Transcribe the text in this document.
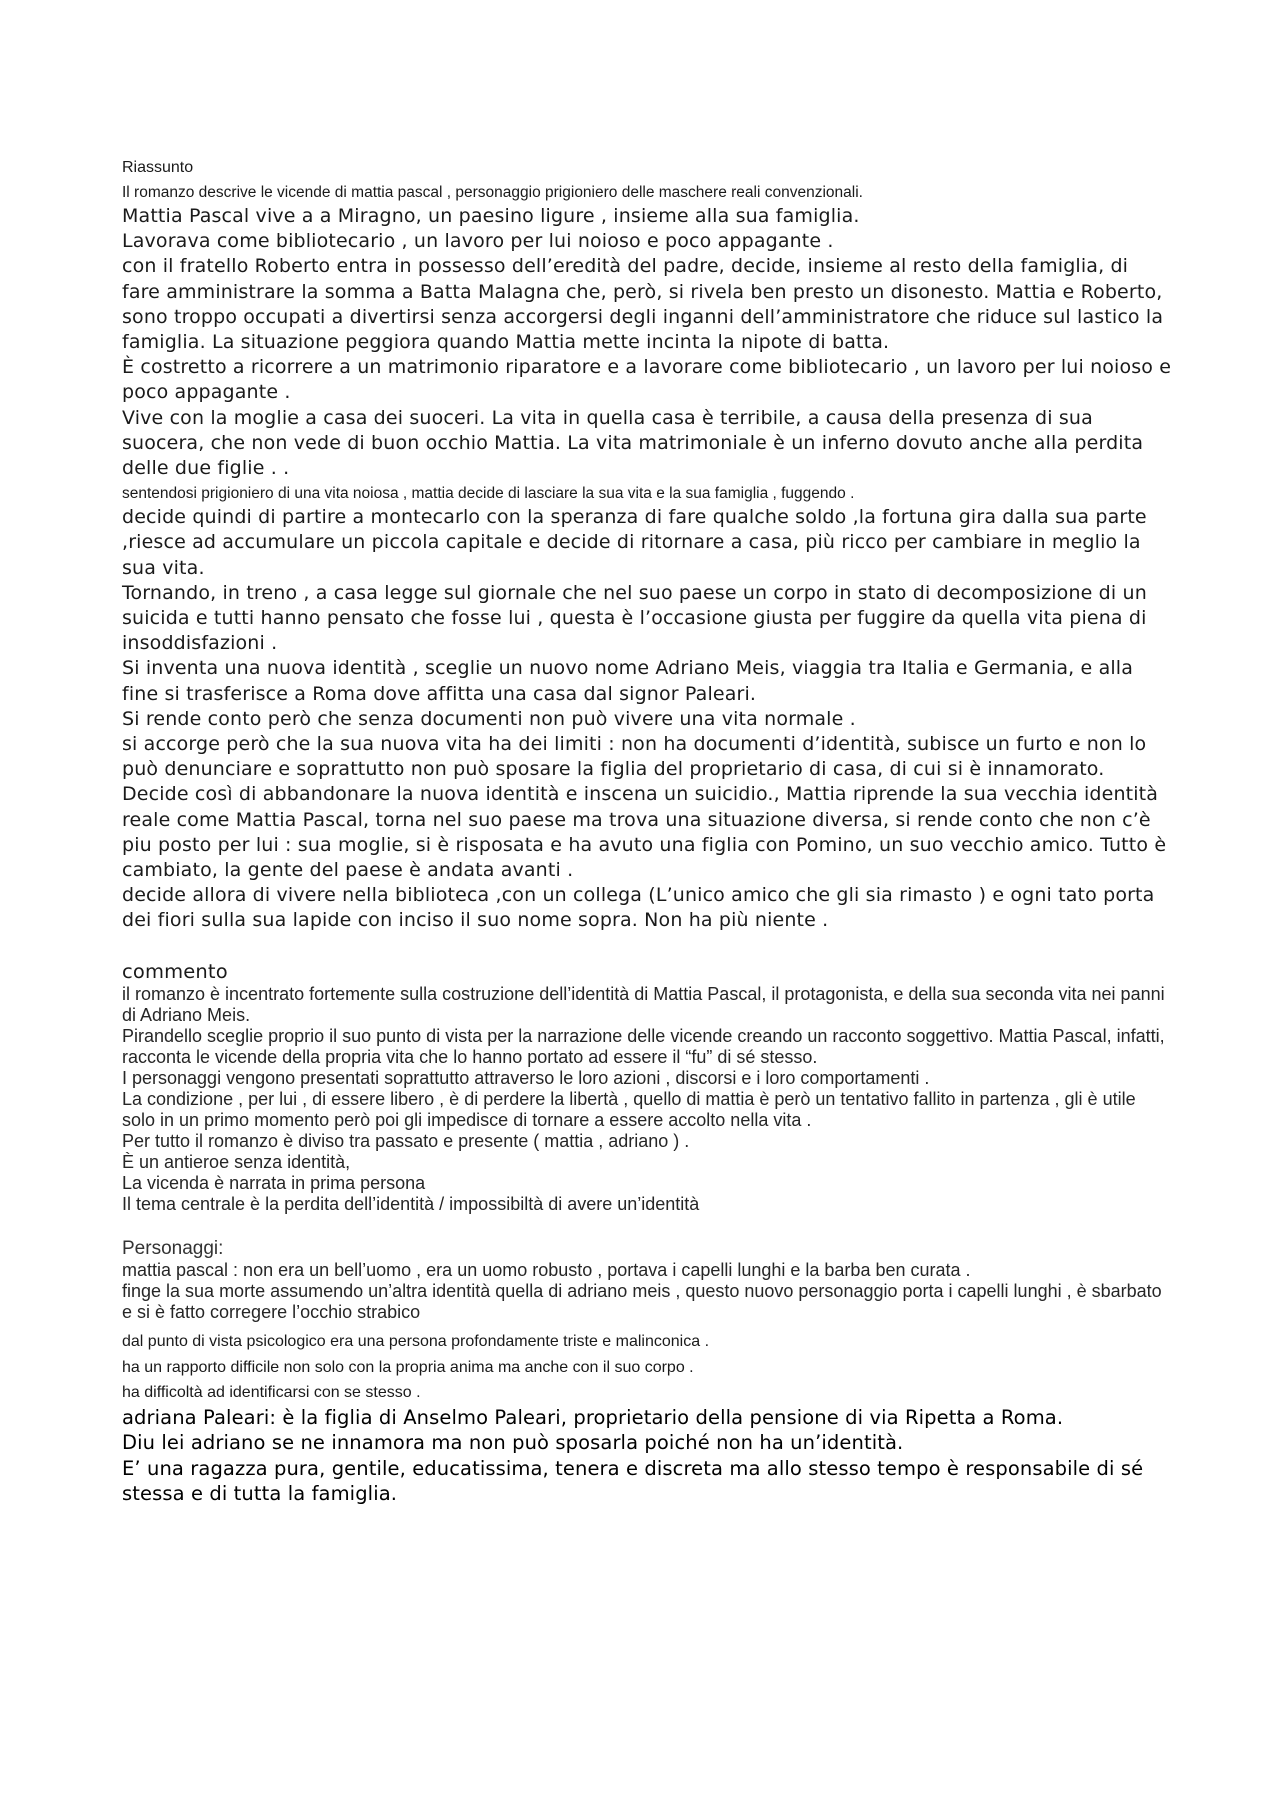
Riassunto

Il romanzo descrive le vicende di mattia pascal , personaggio prigioniero delle maschere reali convenzionali.

Mattia Pascal vive a a Miragno, un paesino ligure , insieme alla sua famiglia.

Lavorava come bibliotecario , un lavoro per lui noioso e poco appagante .

con il fratello Roberto entra in possesso dell’eredità del padre, decide, insieme al resto della famiglia, di fare amministrare la somma a Batta Malagna che, però, si rivela ben presto un disonesto. Mattia e Roberto, sono troppo occupati a divertirsi senza accorgersi degli inganni dell’amministratore che riduce sul lastico la famiglia. La situazione peggiora quando Mattia mette incinta la nipote di batta.

È costretto a ricorrere a un matrimonio riparatore e a lavorare come bibliotecario , un lavoro per lui noioso e poco appagante .

Vive con la moglie a casa dei suoceri. La vita in quella casa è terribile, a causa della presenza di sua suocera, che non vede di buon occhio Mattia. La vita matrimoniale è un inferno dovuto anche alla perdita delle due figlie . .

sentendosi prigioniero di una vita noiosa , mattia decide di lasciare la sua vita e la sua famiglia , fuggendo .

decide quindi di partire a montecarlo con la speranza di fare qualche soldo ,la fortuna gira dalla sua parte ,riesce ad accumulare un piccola capitale e decide di ritornare a casa, più ricco per cambiare in meglio la sua vita.

Tornando, in treno , a casa legge sul giornale che nel suo paese un corpo in stato di decomposizione di un suicida e tutti hanno pensato che fosse lui , questa è l’occasione giusta per fuggire da quella vita piena di insoddisfazioni .

Si inventa una nuova identità , sceglie un nuovo nome Adriano Meis, viaggia tra Italia e Germania, e alla fine si trasferisce a Roma dove affitta una casa dal signor Paleari.

Si rende conto però che senza documenti non può vivere una vita normale .

si accorge però che la sua nuova vita ha dei limiti : non ha documenti d’identità, subisce un furto e non lo può denunciare e soprattutto non può sposare la figlia del proprietario di casa, di cui si è innamorato. Decide così di abbandonare la nuova identità e inscena un suicidio., Mattia riprende la sua vecchia identità reale come Mattia Pascal, torna nel suo paese ma trova una situazione diversa, si rende conto che non c’è piu posto per lui : sua moglie, si è risposata e ha avuto una figlia con Pomino, un suo vecchio amico. Tutto è cambiato, la gente del paese è andata avanti .

decide allora di vivere nella biblioteca ,con un collega (L’unico amico che gli sia rimasto ) e ogni tato porta dei fiori sulla sua lapide con inciso il suo nome sopra. Non ha più niente .

commento

il romanzo è incentrato fortemente sulla costruzione dell’identità di Mattia Pascal, il protagonista, e della sua seconda vita nei panni di Adriano Meis.

Pirandello sceglie proprio il suo punto di vista per la narrazione delle vicende creando un racconto soggettivo. Mattia Pascal, infatti, racconta le vicende della propria vita che lo hanno portato ad essere il “fu” di sé stesso.

I personaggi vengono presentati soprattutto attraverso le loro azioni , discorsi e i loro comportamenti .

La condizione , per lui , di essere libero , è di perdere la libertà , quello di mattia è però un tentativo fallito in partenza , gli è utile solo in un primo momento però poi gli impedisce di tornare a essere accolto nella vita .

Per tutto il romanzo è diviso tra passato e presente ( mattia , adriano ) .

È un antieroe senza identità,

La vicenda è narrata in prima persona

Il tema centrale è la perdita dell’identità / impossibiltà di avere un’identità

Personaggi:

mattia pascal : non era un bell’uomo , era un uomo robusto , portava i capelli lunghi e la barba ben curata .

finge la sua morte assumendo un’altra identità quella di adriano meis , questo nuovo personaggio porta i capelli lunghi , è sbarbato e si è fatto corregere l’occhio strabico

dal punto di vista psicologico era una persona profondamente triste e malinconica .

ha un rapporto difficile non solo con la propria anima ma anche con il suo corpo .

ha difficoltà ad identificarsi con se stesso .

adriana Paleari: è la figlia di Anselmo Paleari, proprietario della pensione di via Ripetta a Roma.

Diu lei adriano se ne innamora ma non può sposarla poiché non ha un’identità.

E’ una ragazza pura, gentile, educatissima, tenera e discreta ma allo stesso tempo è responsabile di sé stessa e di tutta la famiglia.
